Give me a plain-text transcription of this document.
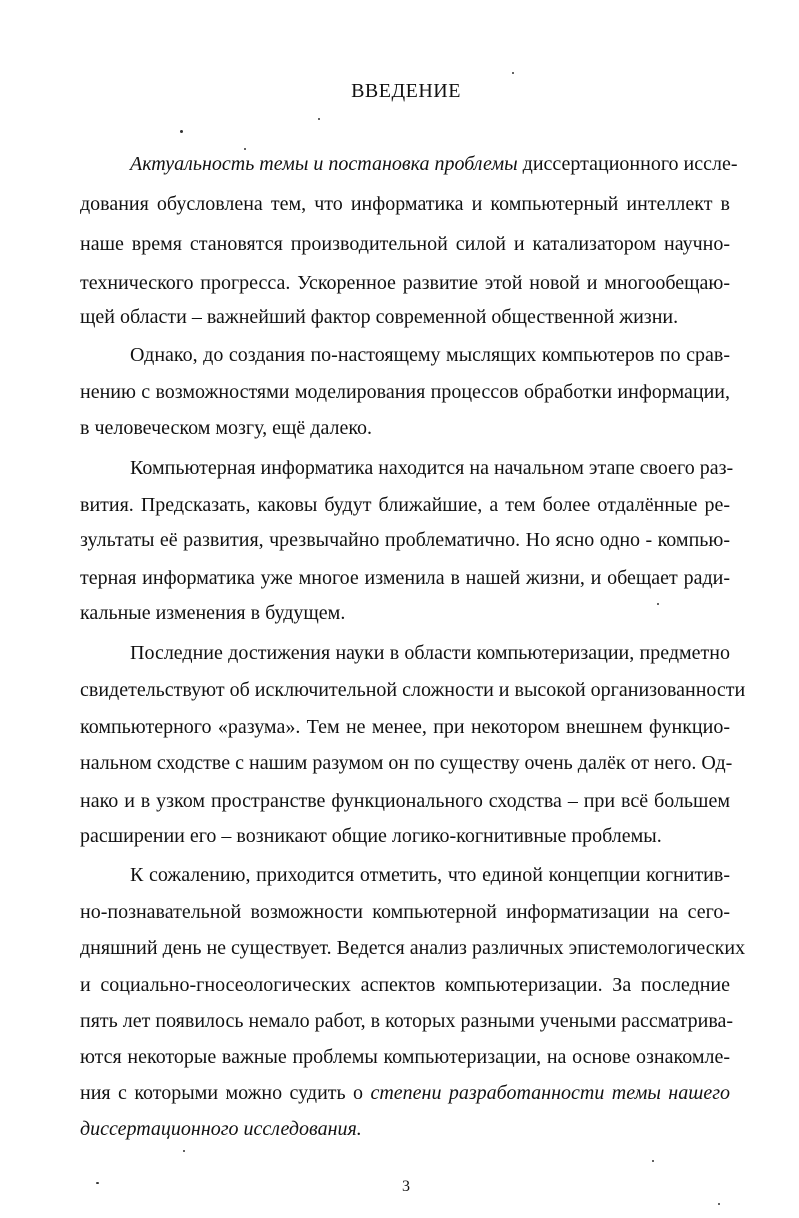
ВВЕДЕНИЕ
Актуальность темы и постановка проблемы диссертационного иссле-
дования обусловлена тем, что информатика и компьютерный интеллект в
наше время становятся производительной силой и катализатором научно-
технического прогресса. Ускоренное развитие этой новой и многообещаю-
щей области – важнейший фактор современной общественной жизни.
Однако, до создания по-настоящему мыслящих компьютеров по срав-
нению с возможностями моделирования процессов обработки информации,
в человеческом мозгу, ещё далеко.
Компьютерная информатика находится на начальном этапе своего раз-
вития. Предсказать, каковы будут ближайшие, а тем более отдалённые ре-
зультаты её развития, чрезвычайно проблематично. Но ясно одно - компью-
терная информатика уже многое изменила в нашей жизни, и обещает ради-
кальные изменения в будущем.
Последние достижения науки в области компьютеризации, предметно
свидетельствуют об исключительной сложности и высокой организованности
компьютерного «разума». Тем не менее, при некотором внешнем функцио-
нальном сходстве с нашим разумом он по существу очень далёк от него. Од-
нако и в узком пространстве функционального сходства – при всё большем
расширении его – возникают общие логико-когнитивные проблемы.
К сожалению, приходится отметить, что единой концепции когнитив-
но-познавательной возможности компьютерной информатизации на сего-
дняшний день не существует. Ведется анализ различных эпистемологических
и социально-гносеологических аспектов компьютеризации. За последние
пять лет появилось немало работ, в которых разными учеными рассматрива-
ются некоторые важные проблемы компьютеризации, на основе ознакомле-
ния с которыми можно судить о степени разработанности темы нашего
диссертационного исследования.
3
